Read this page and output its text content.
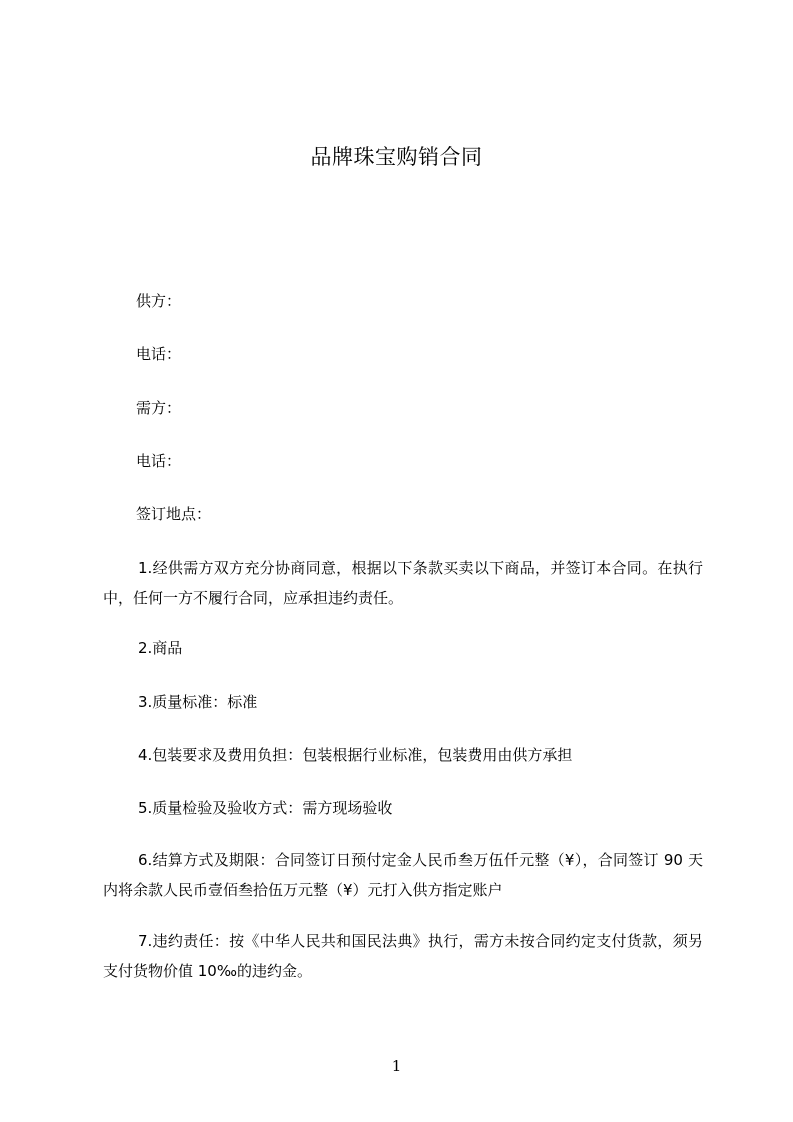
品牌珠宝购销合同
供方：
电话：
需方：
电话：
签订地点：
1.经供需方双方充分协商同意，根据以下条款买卖以下商品，并签订本合同。在执行中，任何一方不履行合同，应承担违约责任。
2.商品
3.质量标准：标准
4.包装要求及费用负担：包装根据行业标准，包装费用由供方承担
5.质量检验及验收方式：需方现场验收
6.结算方式及期限：合同签订日预付定金人民币叁万伍仟元整（¥），合同签订 90 天内将余款人民币壹佰叁拾伍万元整（¥）元打入供方指定账户
7.违约责任：按《中华人民共和国民法典》执行，需方未按合同约定支付货款，须另支付货物价值 10‰的违约金。
1
